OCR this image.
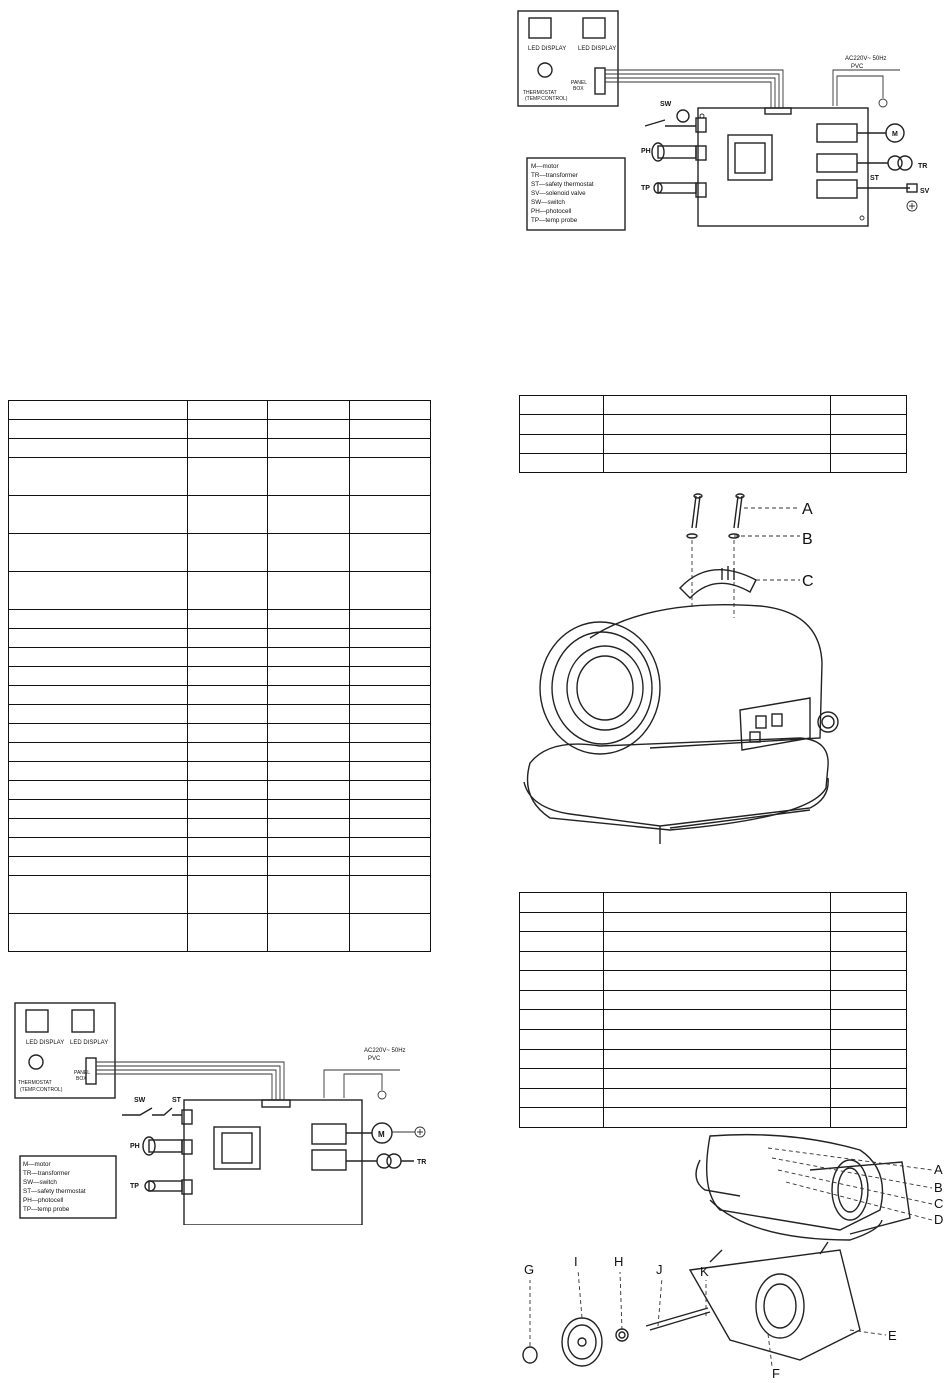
LED DISPLAY LED DISPLAY
THERMOSTAT
(TEMP.CONTROL)
PANEL
BOX
AC220V~ 50Hz
PVC
SW
PH
TP
M
TR
ST
SV
M—motor
TR—transformer
ST—safety thermostat
SV—solenoid valve
SW—switch
PH—photocell
TP—temp probe

A
B
C

LED DISPLAY LED DISPLAY
THERMOSTAT
(TEMP.CONTROL)
PANEL
BOX
AC220V~ 50Hz
PVC
SW	ST
PH
TP
M
TR
M—motor
TR—transformer
SW—switch
ST—safety thermostat
PH—photocell
TP—temp probe
A
B
C
D
E
F
G
H
I
J	K
